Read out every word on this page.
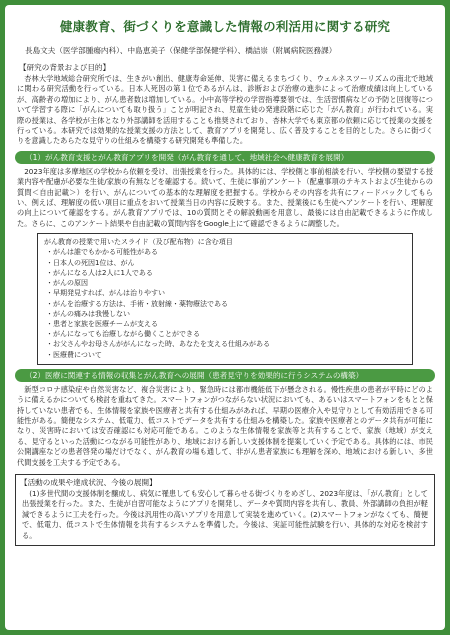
健康教育、街づくりを意識した情報の利活用に関する研究
長島文夫（医学部腫瘍内科）、中島恵美子（保健学部保健学科）、橋詰崇（附属病院医務課）
【研究の背景および目的】

杏林大学地域総合研究所では、生きがい創出、健康寿命延伸、災害に備えるまちづくり、ウェルネスツーリズムの南北で地域に関わる研究活動を行っている。日本人死因の第１位であるがんは、診断および治療の進歩によって治療成績は向上しているが、高齢者の増加により、がん患者数は増加している。小中高等学校の学習指導要領では、生活習慣病などの予防と回復等について学習する際に「がんについても取り扱う」ことが明記され、児童生徒の発達段階に応じた「がん教育」が行われている。実際の授業は、各学校が主体となり外部講師を活用することも推奨されており、杏林大学でも東京都の依頼に応じて授業の支援を行っている。本研究では効果的な授業支援の方法として、教育アプリを開発し、広く普及することを目的とした。さらに街づくりを意識したあらたな見守りの仕組みを構築する研究開発も準備した。

（1）がん教育支援とがん教育アプリを開発（がん教育を通して、地域社会へ健康教育を展開）

2023年度は多摩地区の学校から依頼を受け、出張授業を行った。具体的には、学校側と事前相談を行い、学校側の要望する授業内容や配慮が必要な生徒/家族の有無などを確認する。続いて、生徒に事前アンケート（配慮事項のテキストおよび生徒からの質問＜自由記載＞）を行い、がんについての基本的な理解度を把握する。学校からその内容を共有にフィードバックしてもらい、例えば、理解度の低い項目に重点をおいて授業当日の内容に反映する。また、授業後にも生徒へアンケートを行い、理解度の向上について確認をする。がん教育アプリでは、10の質問とその解説動画を用意し、最後には自由記載できるように作成した。さらに、このアンケート結果や自由記載の質問内容をGoogle上にて確認できるように調整した。

がん教育の授業で用いたスライド（及び配布物）に含む項目
・がんは誰でもかかる可能性がある
・日本人の死因1位は、がん
・がんになる人は2人に1人である
・がんの原因
・早期発見すれば、がんは治りやすい
・がんを治療する方法は、手術・放射線・薬物療法である
・がんの痛みは我慢しない
・患者と家族を医療チームが支える
・がんになっても治療しながら働くことができる
・お父さんやお母さんががんになった時、あなたを支える仕組みがある
・医療費について
（2）医療に関連する情報の収集とがん教育への展開（患者見守りを効果的に行うシステムの構築）

新型コロナ感染症や自然災害など、複合災害により、緊急時には都市機能低下が懸念される。慢性疾患の患者が平時にどのように備えるかについても検討を重ねてきた。スマートフォンがつながらない状況においても、あるいはスマートフォンをもとと保持していない患者でも、生体情報を家族や医療者と共有する仕組みがあれば、早期の医療介入や見守りとして有効活用できる可能性がある。簡便なシステム、低電力、低コストでデータを共有する仕組みを構築した。家族や医療者とのデータ共有が可能になり、災害時においては安否確認にも対応可能である。このような生体情報を家族等と共有することで、家族（地域）が支える、見守るといった活動につながる可能性があり、地域における新しい支援体制を提案していく予定である。具体的には、市民公開講座などの患者啓発の場だけでなく、がん教育の場も通して、非がん患者家族にも理解を深め、地域における新しい、多世代間支援を工夫する予定である。

【活動の成果や達成状況、今後の展開】

(1)多世代間の支援体制を醸成し、病気に罹患しても安心して暮らせる街づくりをめざし、2023年度は、「がん教育」として出張授業を行った。また、生徒が自習可能なようにアプリを開発し、データや質問内容を共有し、教員、外部講師の負担が軽減できるように工夫を行った。今後は汎用性の高いアプリを用意して実装を進めていく。(2)スマートフォンがなくても、簡便で、低電力、低コストで生体情報を共有するシステムを準備した。今後は、実証可能性試験を行い、具体的な対応を検討する。
